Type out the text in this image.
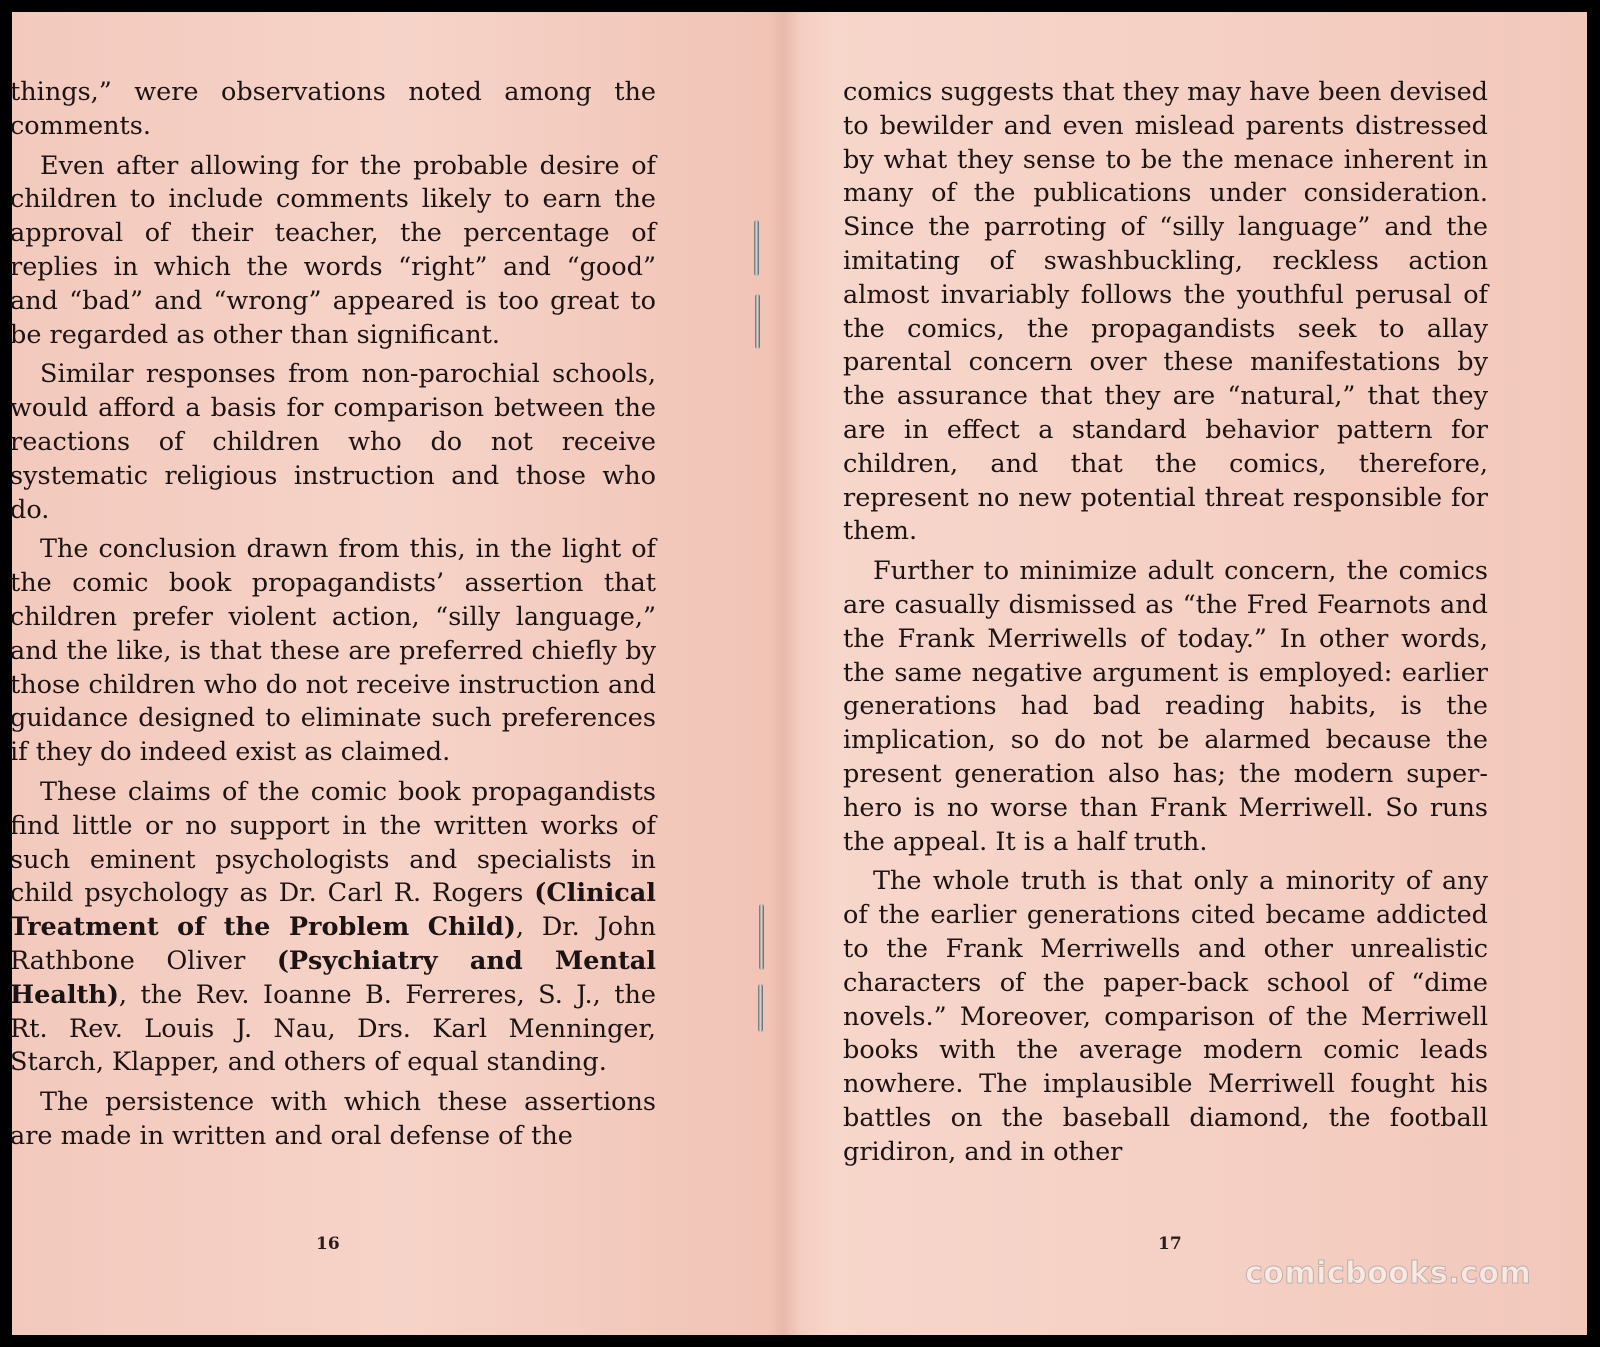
things,” were observations noted among the comments.

Even after allowing for the probable desire of children to include comments likely to earn the approval of their teacher, the percentage of replies in which the words “right” and “good” and “bad” and “wrong” appeared is too great to be regarded as other than significant.

Similar responses from non-parochial schools, would afford a basis for comparison between the reactions of children who do not receive systematic religious instruction and those who do.

The conclusion drawn from this, in the light of the comic book propagandists’ assertion that children prefer violent action, “silly language,” and the like, is that these are preferred chiefly by those children who do not receive instruction and guidance designed to eliminate such preferences if they do indeed exist as claimed.

These claims of the comic book propagandists find little or no support in the written works of such eminent psychologists and specialists in child psychology as Dr. Carl R. Rogers (Clinical Treatment of the Problem Child), Dr. John Rathbone Oliver (Psychiatry and Mental Health), the Rev. Ioanne B. Ferreres, S. J., the Rt. Rev. Louis J. Nau, Drs. Karl Menninger, Starch, Klapper, and others of equal standing.

The persistence with which these assertions are made in written and oral defense of the

comics suggests that they may have been devised to bewilder and even mislead parents distressed by what they sense to be the menace inherent in many of the publications under consideration. Since the parroting of “silly language” and the imitating of swashbuckling, reckless action almost invariably follows the youthful perusal of the comics, the propagandists seek to allay parental concern over these manifestations by the assurance that they are “natural,” that they are in effect a standard behavior pattern for children, and that the comics, therefore, represent no new potential threat responsible for them.

Further to minimize adult concern, the comics are casually dismissed as “the Fred Fearnots and the Frank Merriwells of today.” In other words, the same negative argument is employed: earlier generations had bad reading habits, is the implication, so do not be alarmed because the present generation also has; the modern super-hero is no worse than Frank Merriwell. So runs the appeal. It is a half truth.

The whole truth is that only a minority of any of the earlier generations cited became addicted to the Frank Merriwells and other unrealistic characters of the paper-back school of “dime novels.” Moreover, comparison of the Merriwell books with the average modern comic leads nowhere. The implausible Merriwell fought his battles on the baseball diamond, the football gridiron, and in other

16	17
comicbooks.com
